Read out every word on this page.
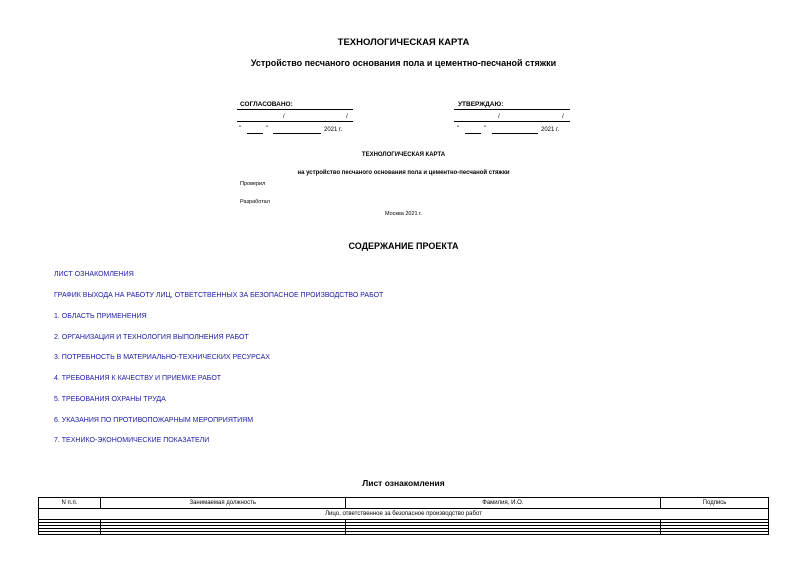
ТЕХНОЛОГИЧЕСКАЯ КАРТА
Устройство песчаного основания пола и цементно-песчаной стяжки
СОГЛАСОВАНО:
/	/
"	"	2021 г.
УТВЕРЖДАЮ:
/	/
"	"	2021 г.
ТЕХНОЛОГИЧЕСКАЯ КАРТА
на устройство песчаного основания пола и цементно-песчаной стяжки
Проверил
Разработал
Москва 2021 г.
СОДЕРЖАНИЕ ПРОЕКТА
ЛИСТ ОЗНАКОМЛЕНИЯ
ГРАФИК ВЫХОДА НА РАБОТУ ЛИЦ, ОТВЕТСТВЕННЫХ ЗА БЕЗОПАСНОЕ ПРОИЗВОДСТВО РАБОТ
1. ОБЛАСТЬ ПРИМЕНЕНИЯ
2. ОРГАНИЗАЦИЯ И ТЕХНОЛОГИЯ ВЫПОЛНЕНИЯ РАБОТ
3. ПОТРЕБНОСТЬ В МАТЕРИАЛЬНО-ТЕХНИЧЕСКИХ РЕСУРСАХ
4. ТРЕБОВАНИЯ К КАЧЕСТВУ И ПРИЕМКЕ РАБОТ
5. ТРЕБОВАНИЯ ОХРАНЫ ТРУДА
6. УКАЗАНИЯ ПО ПРОТИВОПОЖАРНЫМ МЕРОПРИЯТИЯМ
7. ТЕХНИКО-ЭКОНОМИЧЕСКИЕ ПОКАЗАТЕЛИ
Лист ознакомления
N п.п.	Занимаемая должность	Фамилия, И.О.	Подпись
Лицо, ответственное за безопасное производство работ			
